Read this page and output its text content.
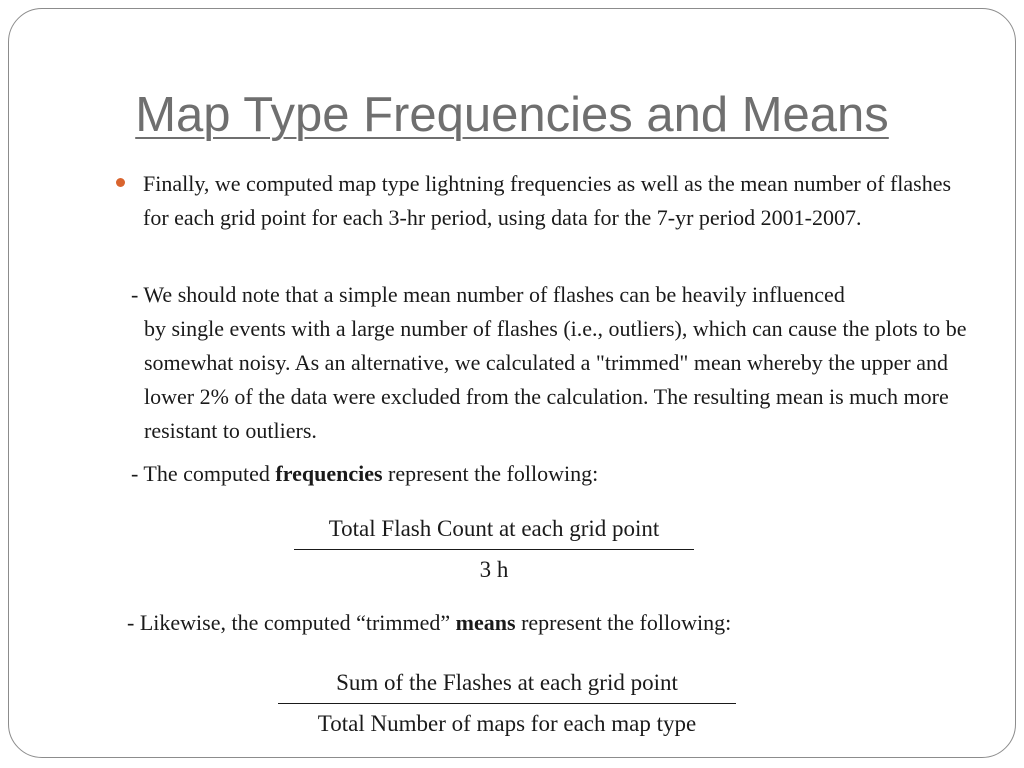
Map Type Frequencies and Means

Finally, we computed map type lightning frequencies as well as the mean number of flashes for each grid point for each 3-hr period, using data for the 7-yr period 2001-2007.

- We should note that a simple mean number of flashes can be heavily influenced
by single events with a large number of flashes (i.e., outliers), which can cause the plots to be somewhat noisy. As an alternative, we calculated a "trimmed" mean whereby the upper and lower 2% of the data were excluded from the calculation. The resulting mean is much more resistant to outliers.

- The computed frequencies represent the following:

Total Flash Count at each grid point
3 h

- Likewise, the computed “trimmed” means represent the following:

Sum of the Flashes at each grid point
Total Number of maps for each map type
